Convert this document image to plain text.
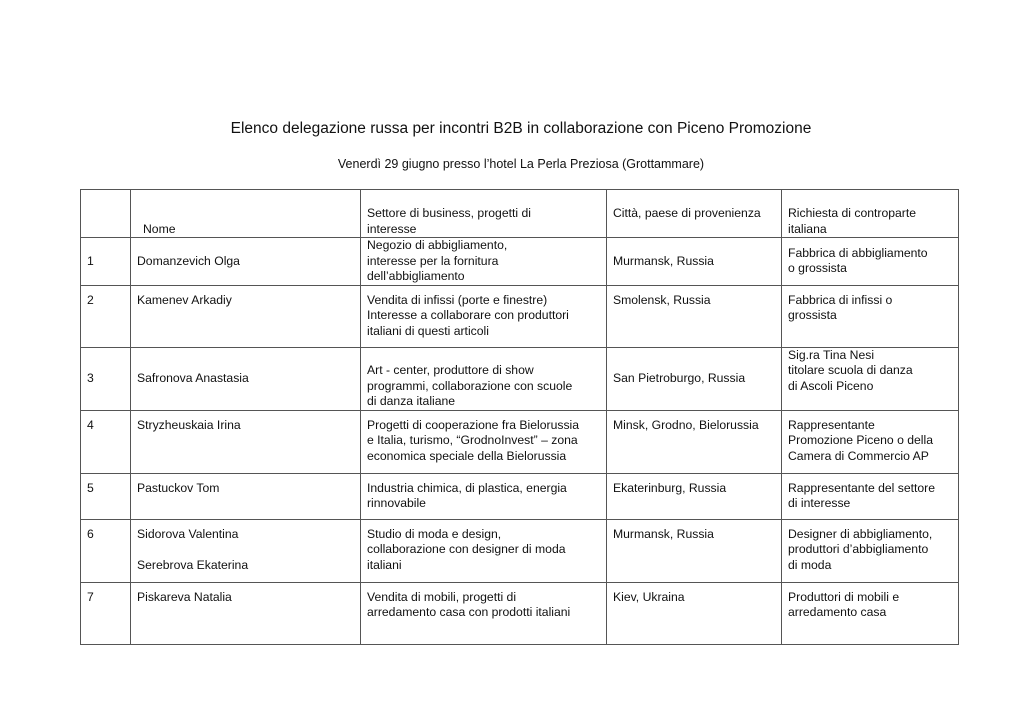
Elenco delegazione russa per incontri B2B in collaborazione con Piceno Promozione
Venerdì 29 giugno presso l’hotel La Perla Preziosa (Grottammare)
	Nome	Settore di business, progetti di
interesse	Città, paese di provenienza	Richiesta di controparte
italiana
1	Domanzevich Olga	Negozio di abbigliamento,
interesse per la fornitura
dell’abbigliamento	Murmansk, Russia	Fabbrica di abbigliamento
o grossista
2	Kamenev Arkadiy	Vendita di infissi (porte e finestre)
Interesse a collaborare con produttori
italiani di questi articoli	Smolensk, Russia	Fabbrica di infissi o
grossista
3	Safronova Anastasia	Art - center, produttore di show
programmi, collaborazione con scuole
di danza italiane	San Pietroburgo, Russia	Sig.ra Tina Nesi
titolare scuola di danza
di Ascoli Piceno
4	Stryzheuskaia Irina	Progetti di cooperazione fra Bielorussia
e Italia, turismo, “GrodnoInvest” – zona
economica speciale della Bielorussia	Minsk, Grodno, Bielorussia	Rappresentante
Promozione Piceno o della
Camera di Commercio AP
5	Pastuckov Tom	Industria chimica, di plastica, energia
rinnovabile	Ekaterinburg, Russia	Rappresentante del settore
di interesse
6	Sidorova Valentina

Serebrova Ekaterina	Studio di moda e design,
collaborazione con designer di moda
italiani	Murmansk, Russia	Designer di abbigliamento,
produttori d’abbigliamento
di moda
7	Piskareva Natalia	Vendita di mobili, progetti di
arredamento casa con prodotti italiani	Kiev, Ukraina	Produttori di mobili e
arredamento casa
